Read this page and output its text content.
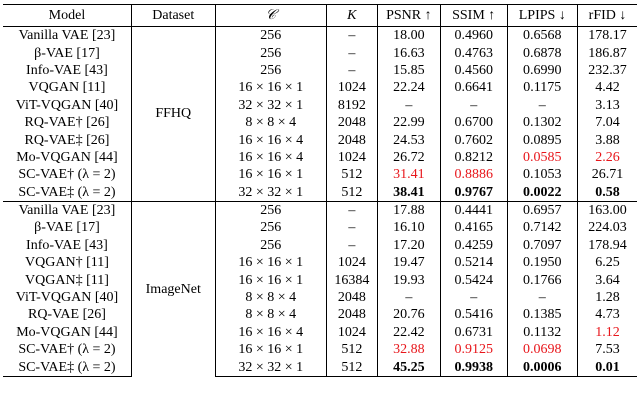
Model	Dataset	𝒞	K	PSNR ↑	SSIM ↑	LPIPS ↓	rFID ↓
Vanilla VAE [23]	FFHQ	256	–	18.00	0.4960	0.6568	178.17
β-VAE [17]		256	–	16.63	0.4763	0.6878	186.87
Info-VAE [43]		256	–	15.85	0.4560	0.6990	232.37
VQGAN [11]		16 × 16 × 1	1024	22.24	0.6641	0.1175	4.42
ViT-VQGAN [40]		32 × 32 × 1	8192	–	–	–	3.13
RQ-VAE† [26]		8 × 8 × 4	2048	22.99	0.6700	0.1302	7.04
RQ-VAE‡ [26]		16 × 16 × 4	2048	24.53	0.7602	0.0895	3.88
Mo-VQGAN [44]		16 × 16 × 4	1024	26.72	0.8212	0.0585	2.26
SC-VAE† (λ = 2)		16 × 16 × 1	512	31.41	0.8886	0.1053	26.71
SC-VAE‡ (λ = 2)		32 × 32 × 1	512	38.41	0.9767	0.0022	0.58
Vanilla VAE [23]	ImageNet	256	–	17.88	0.4441	0.6957	163.00
β-VAE [17]		256	–	16.10	0.4165	0.7142	224.03
Info-VAE [43]		256	–	17.20	0.4259	0.7097	178.94
VQGAN† [11]		16 × 16 × 1	1024	19.47	0.5214	0.1950	6.25
VQGAN‡ [11]		16 × 16 × 1	16384	19.93	0.5424	0.1766	3.64
ViT-VQGAN [40]		8 × 8 × 4	2048	–	–	–	1.28
RQ-VAE [26]		8 × 8 × 4	2048	20.76	0.5416	0.1385	4.73
Mo-VQGAN [44]		16 × 16 × 4	1024	22.42	0.6731	0.1132	1.12
SC-VAE† (λ = 2)		16 × 16 × 1	512	32.88	0.9125	0.0698	7.53
SC-VAE‡ (λ = 2)		32 × 32 × 1	512	45.25	0.9938	0.0006	0.01
